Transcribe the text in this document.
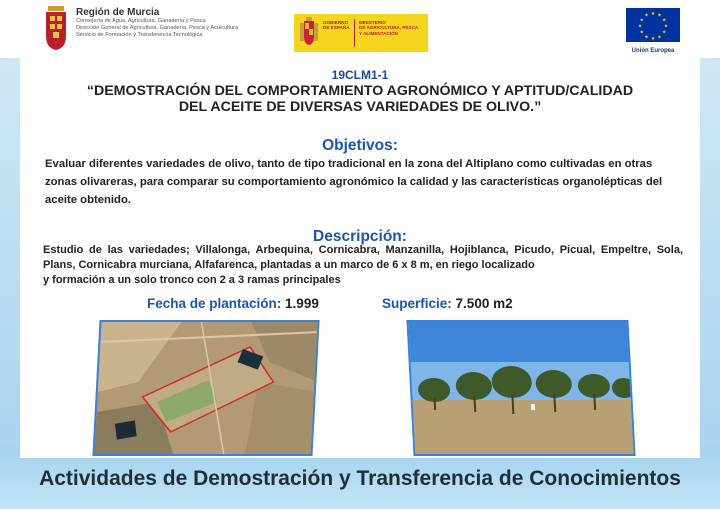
Región de Murcia
Consejería de Agua, Agricultura, Ganadería y Pesca
Dirección General de Agricultura, Ganadería, Pesca y Acuicultura
Servicio de Formación y Transferencia Tecnológica
GOBIERNO
DE ESPAÑA
MINISTERIO
DE AGRICULTURA, PESCA
Y ALIMENTACIÓN
★ ★
★
★
★
★
★
★
★
★
★
★
Unión Europea
19CLM1-1
“DEMOSTRACIÓN DEL COMPORTAMIENTO AGRONÓMICO Y APTITUD/CALIDAD
DEL ACEITE DE DIVERSAS VARIEDADES DE OLIVO.”
Objetivos:
Evaluar diferentes variedades de olivo, tanto de tipo tradicional en la zona del Altiplano como cultivadas en otras zonas olivareras, para comparar su comportamiento agronómico la calidad y las características organolépticas del aceite obtenido.
Descripción:
Estudio de las variedades; Villalonga, Arbequina, Cornicabra, Manzanilla, Hojiblanca, Picudo, Picual, Empeltre, Sola, Plans, Cornicabra murciana, Alfafarenca, plantadas a un marco de 6 x 8 m, en riego localizado
y formación a un solo tronco con 2 a 3 ramas principales
Fecha de plantación: 1.999	Superficie: 7.500 m2
Actividades de Demostración y Transferencia de Conocimientos
